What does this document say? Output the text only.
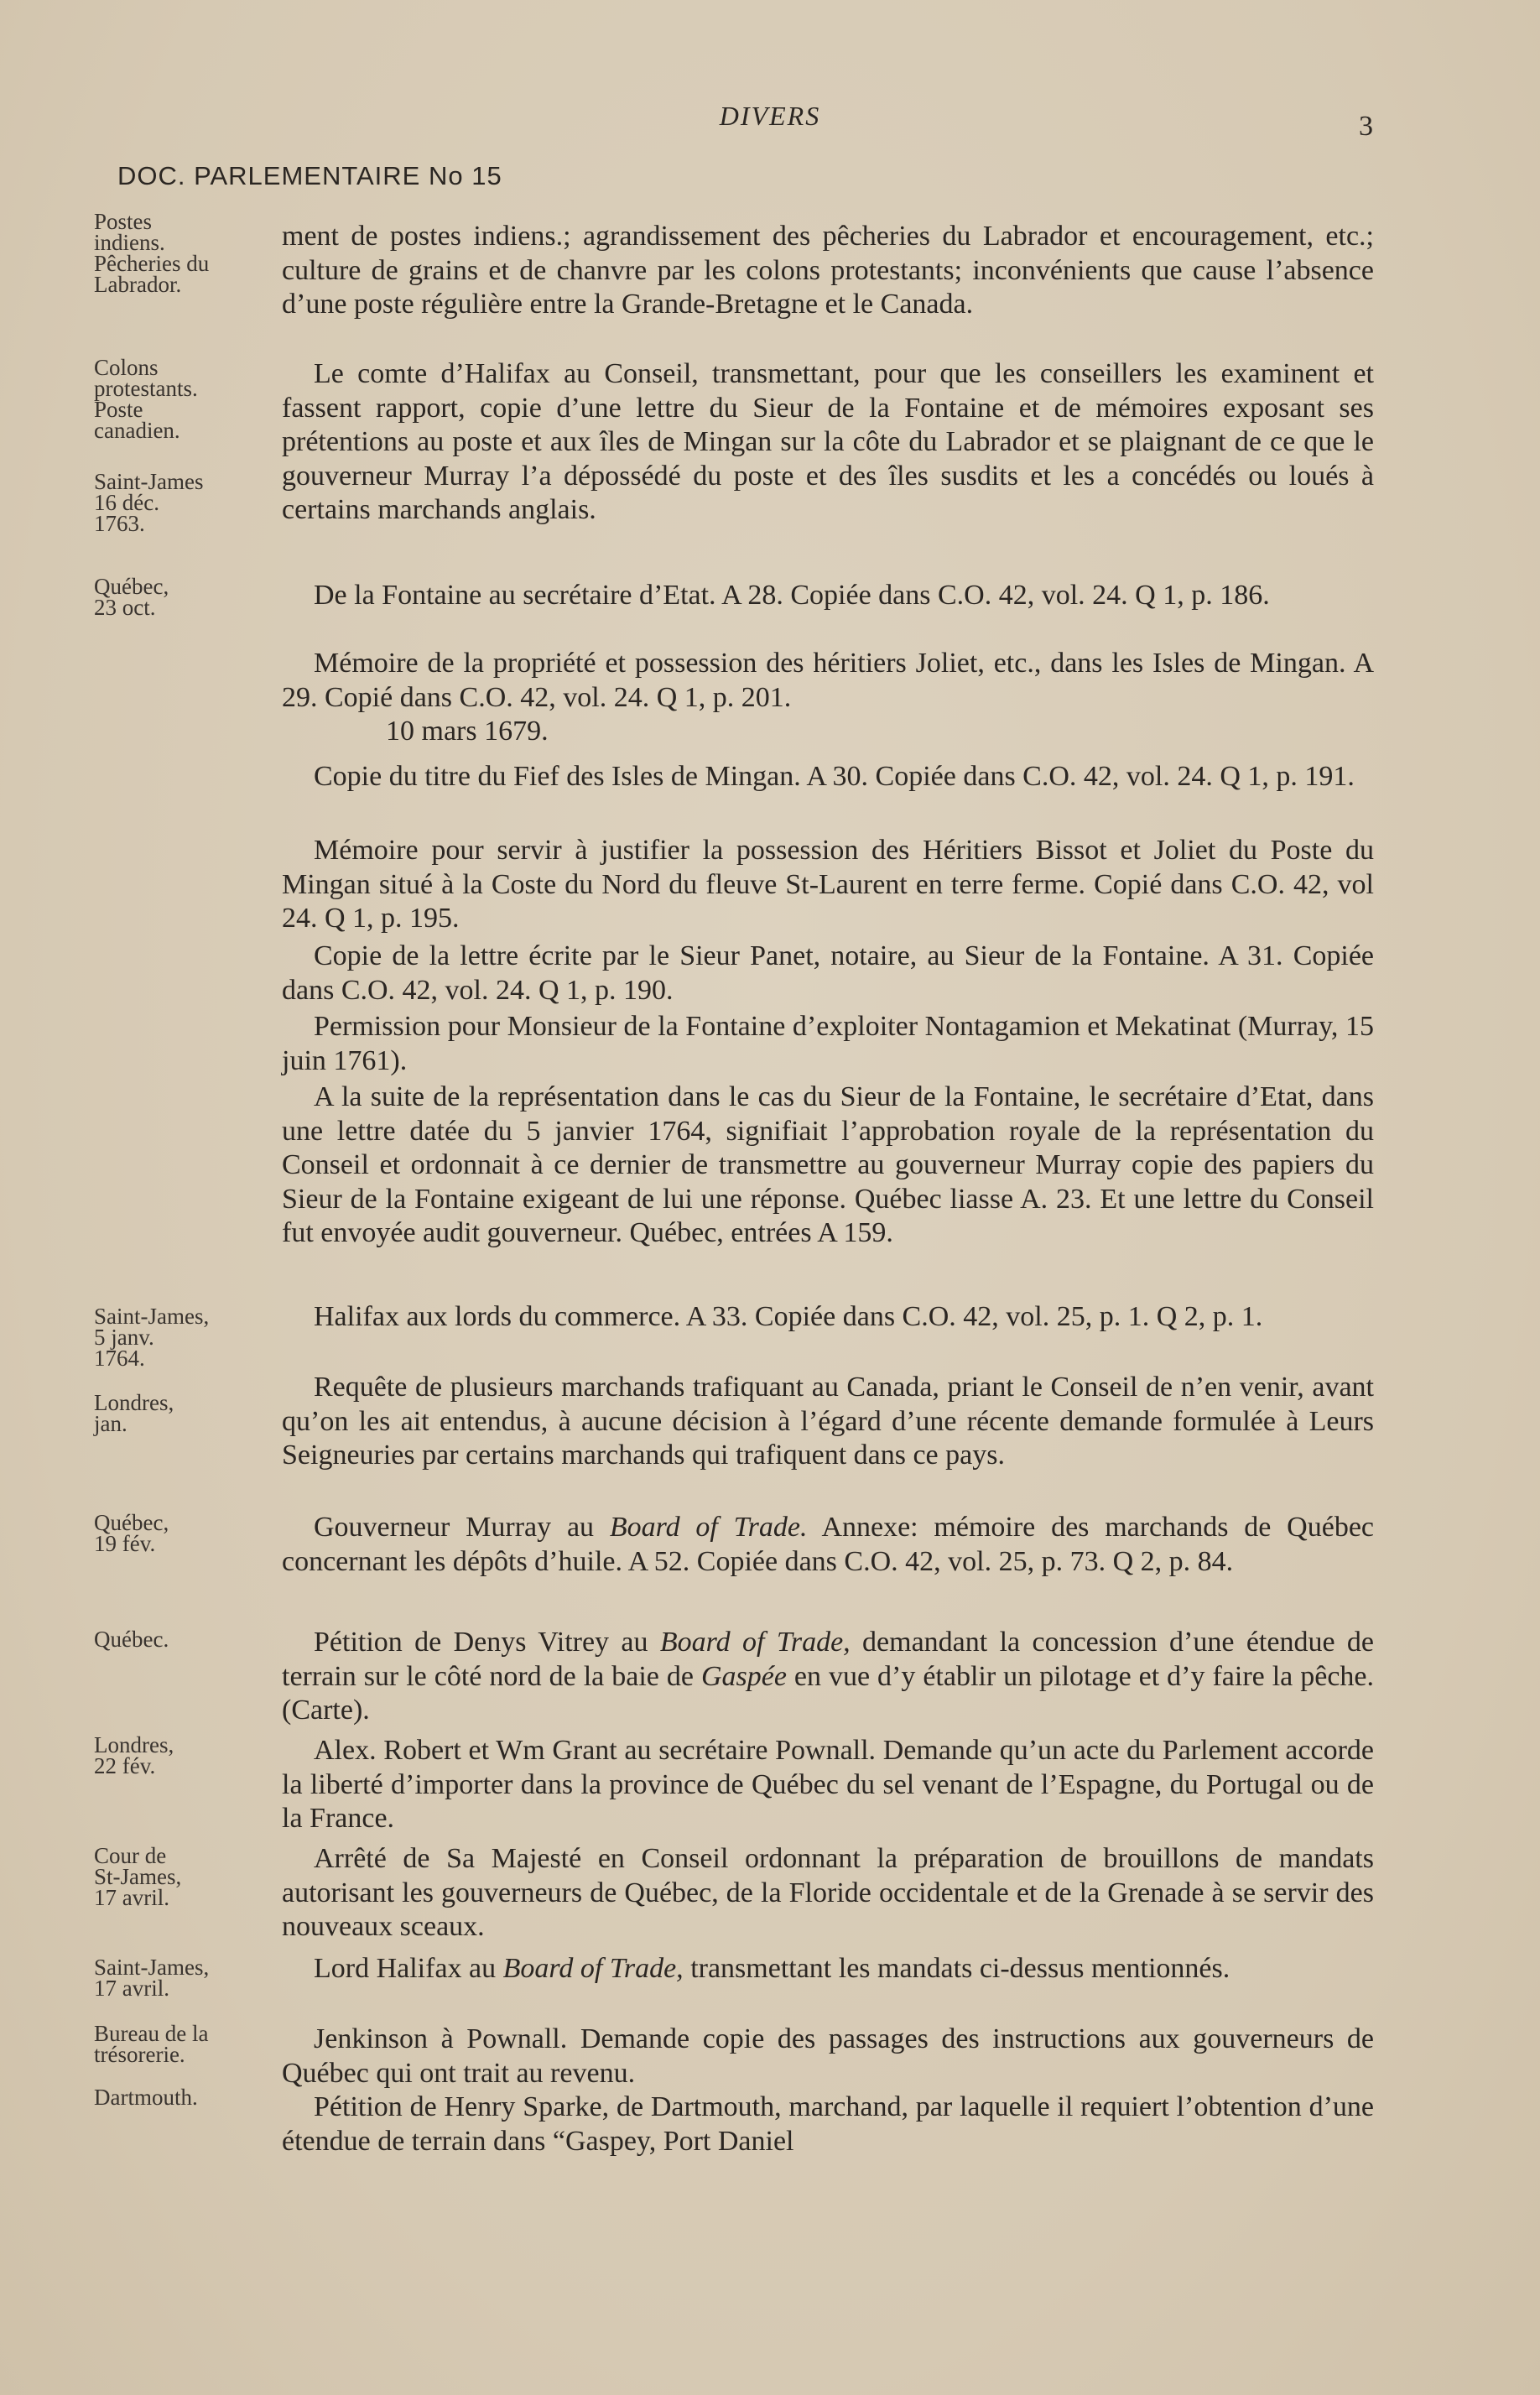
DIVERS	3
DOC. PARLEMENTAIRE No 15
Postes
indiens.
Pêcheries du
Labrador.
Colons
protestants.
Poste
canadien.
Saint-James
16 déc.
1763.
Québec,
23 oct.
Saint-James,
5 janv.
1764.
Londres,
jan.
Québec,
19 fév.
Québec.
Londres,
22 fév.
Cour de
St-James,
17 avril.
Saint-James,
17 avril.
Bureau de la
trésorerie.
Dartmouth.
ment de postes indiens.; agrandissement des pêcheries du Labrador et encouragement, etc.; culture de grains et de chanvre par les colons protestants; inconvénients que cause l’absence d’une poste régulière entre la Grande-Bretagne et le Canada.
Le comte d’Halifax au Conseil, transmettant, pour que les conseillers les examinent et fassent rapport, copie d’une lettre du Sieur de la Fontaine et de mémoires exposant ses prétentions au poste et aux îles de Mingan sur la côte du Labrador et se plaignant de ce que le gouverneur Murray l’a dépossédé du poste et des îles susdits et les a concédés ou loués à certains marchands anglais.
De la Fontaine au secrétaire d’Etat. A 28. Copiée dans C.O. 42, vol. 24. Q 1, p. 186.
Mémoire de la propriété et possession des héritiers Joliet, etc., dans les Isles de Mingan. A 29. Copié dans C.O. 42, vol. 24. Q 1, p. 201.
10 mars 1679.
Copie du titre du Fief des Isles de Mingan. A 30. Copiée dans C.O. 42, vol. 24. Q 1, p. 191.
Mémoire pour servir à justifier la possession des Héritiers Bissot et Joliet du Poste du Mingan situé à la Coste du Nord du fleuve St-Laurent en terre ferme. Copié dans C.O. 42, vol 24. Q 1, p. 195.
Copie de la lettre écrite par le Sieur Panet, notaire, au Sieur de la Fontaine. A 31. Copiée dans C.O. 42, vol. 24. Q 1, p. 190.
Permission pour Monsieur de la Fontaine d’exploiter Nontagamion et Mekatinat (Murray, 15 juin 1761).
A la suite de la représentation dans le cas du Sieur de la Fontaine, le secrétaire d’Etat, dans une lettre datée du 5 janvier 1764, signifiait l’approbation royale de la représentation du Conseil et ordonnait à ce dernier de transmettre au gouverneur Murray copie des papiers du Sieur de la Fontaine exigeant de lui une réponse. Québec liasse A. 23. Et une lettre du Conseil fut envoyée audit gouverneur. Québec, entrées A 159.
Halifax aux lords du commerce. A 33. Copiée dans C.O. 42, vol. 25, p. 1. Q 2, p. 1.
Requête de plusieurs marchands trafiquant au Canada, priant le Conseil de n’en venir, avant qu’on les ait entendus, à aucune décision à l’égard d’une récente demande formulée à Leurs Seigneuries par certains marchands qui trafiquent dans ce pays.
Gouverneur Murray au Board of Trade. Annexe: mémoire des marchands de Québec concernant les dépôts d’huile. A 52. Copiée dans C.O. 42, vol. 25, p. 73. Q 2, p. 84.
Pétition de Denys Vitrey au Board of Trade, demandant la concession d’une étendue de terrain sur le côté nord de la baie de Gaspée en vue d’y établir un pilotage et d’y faire la pêche. (Carte).
Alex. Robert et Wm Grant au secrétaire Pownall. Demande qu’un acte du Parlement accorde la liberté d’importer dans la province de Québec du sel venant de l’Espagne, du Portugal ou de la France.
Arrêté de Sa Majesté en Conseil ordonnant la préparation de brouillons de mandats autorisant les gouverneurs de Québec, de la Floride occidentale et de la Grenade à se servir des nouveaux sceaux.
Lord Halifax au Board of Trade, transmettant les mandats ci-dessus mentionnés.
Jenkinson à Pownall. Demande copie des passages des instructions aux gouverneurs de Québec qui ont trait au revenu.
Pétition de Henry Sparke, de Dartmouth, marchand, par laquelle il requiert l’obtention d’une étendue de terrain dans “Gaspey, Port Daniel
